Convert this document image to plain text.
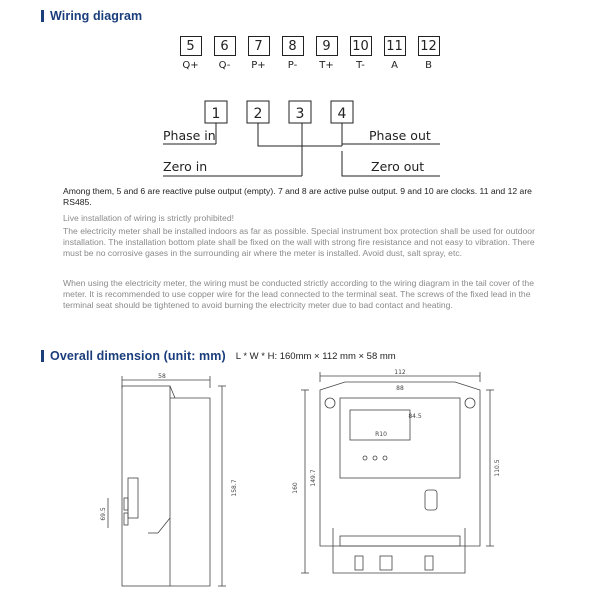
Wiring diagram
5
Q+
6
Q-
7
P+
8
P-
9
T+
10
T-
11
A
12
B
1 2 3 4
Phase in	Phase out
Zero in	Zero out
Among them, 5 and 6 are reactive pulse output (empty). 7 and 8 are active pulse output. 9 and 10 are clocks. 11 and 12 are RS485.
Live installation of wiring is strictly prohibited!
The electricity meter shall be installed indoors as far as possible. Special instrument box protection shall be used for outdoor installation. The installation bottom plate shall be fixed on the wall with strong fire resistance and not easy to vibration. There must be no corrosive gases in the surrounding air where the meter is installed. Avoid dust, salt spray, etc.
When using the electricity meter, the wiring must be conducted strictly according to the wiring diagram in the tail cover of the meter. It is recommended to use copper wire for the lead connected to the terminal seat. The screws of the fixed lead in the terminal seat should be tightened to avoid burning the electricity meter due to bad contact and heating.
Overall dimension (unit: mm) L * W * H: 160mm × 112 mm × 58 mm
58
158.7
69.5
112
88
84.5
R10
160
149.7
110.5
